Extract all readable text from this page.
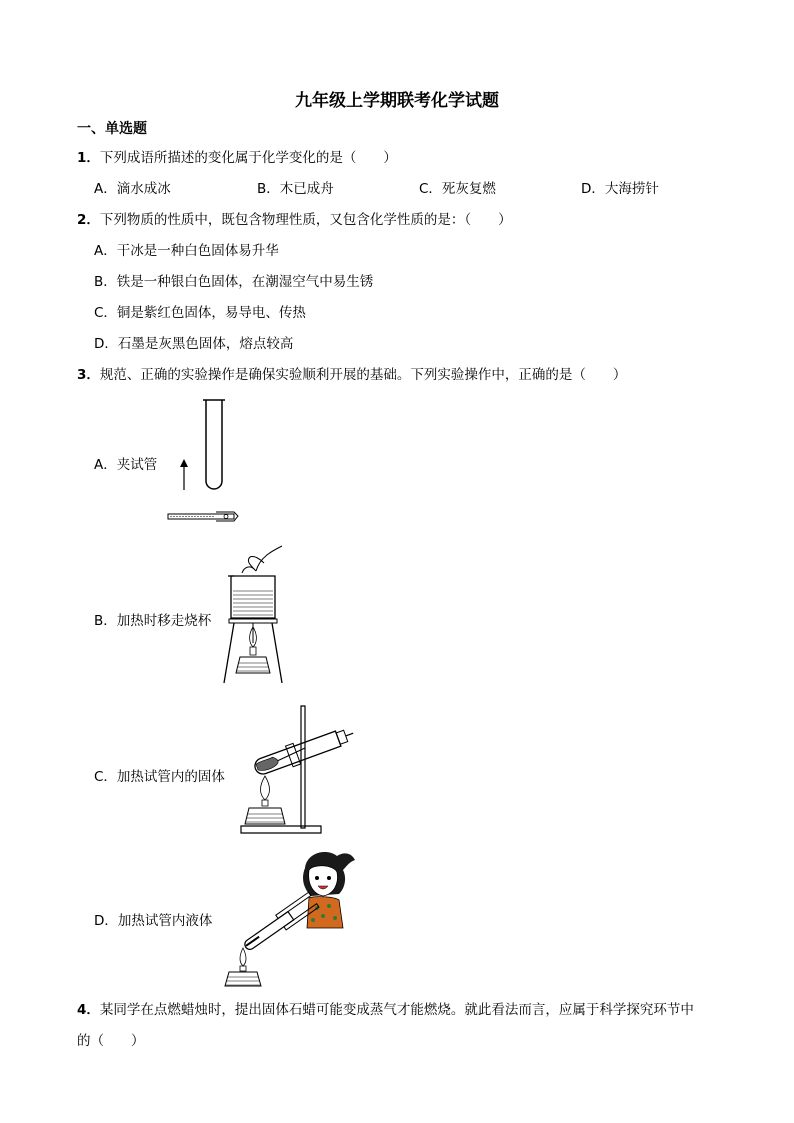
九年级上学期联考化学试题
一、单选题
1．下列成语所描述的变化属于化学变化的是（　　）
A．滴水成冰	B．木已成舟	C．死灰复燃	D．大海捞针
2．下列物质的性质中，既包含物理性质，又包含化学性质的是：（　　）
A．干冰是一种白色固体易升华
B．铁是一种银白色固体，在潮湿空气中易生锈
C．铜是紫红色固体，易导电、传热
D．石墨是灰黑色固体，熔点较高
3．规范、正确的实验操作是确保实验顺利开展的基础。下列实验操作中，正确的是（　　）
A．夹试管
B．加热时移走烧杯
C．加热试管内的固体
D．加热试管内液体
4．某同学在点燃蜡烛时，提出固体石蜡可能变成蒸气才能燃烧。就此看法而言，应属于科学探究环节中
的（　　）
